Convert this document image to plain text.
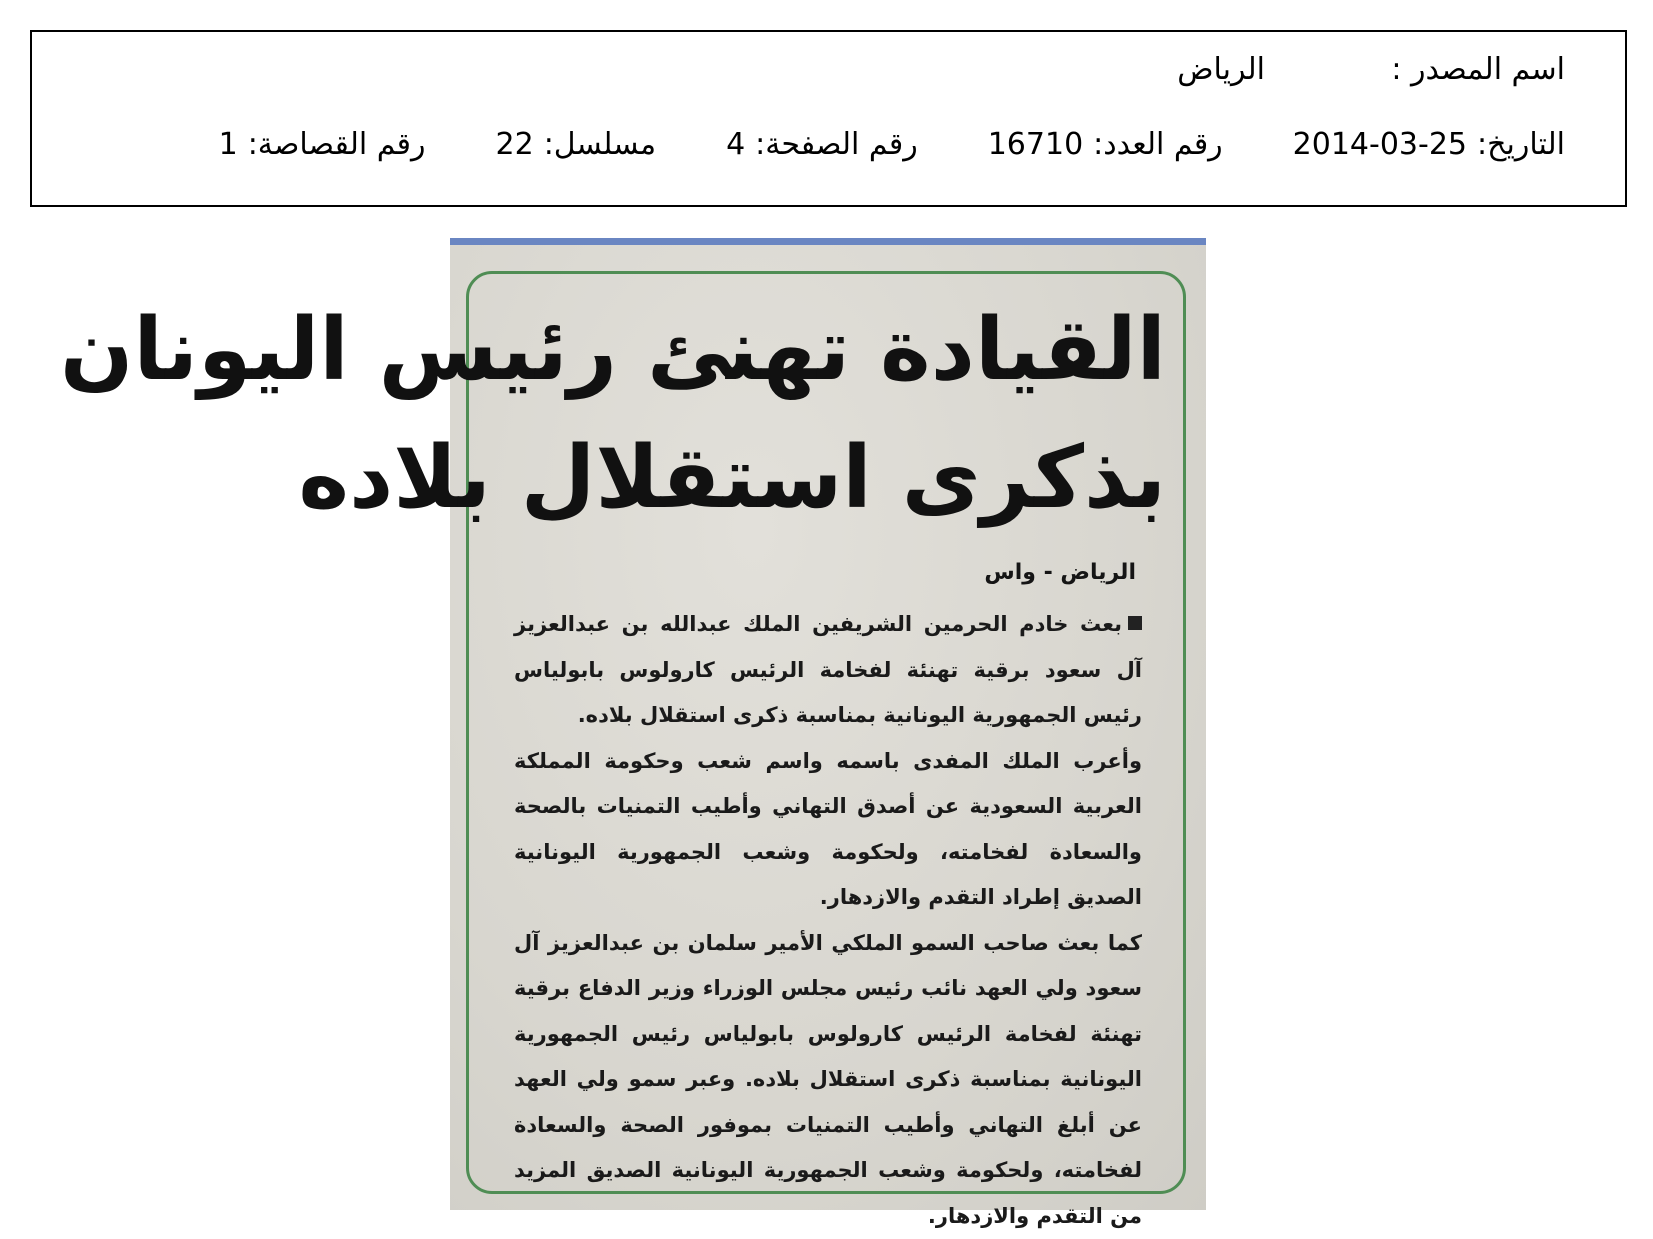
اسم المصدر :
الرياض
التاريخ:
2014-03-25
رقم العدد:
16710
رقم الصفحة:
4
مسلسل:
22
رقم القصاصة:
1
القيادة تهنئ رئيس اليونان
بذكرى استقلال بلاده
الرياض - واس

بعث خادم الحرمين الشريفين الملك عبدالله بن عبدالعزيز آل سعود برقية تهنئة لفخامة الرئيس كارولوس بابولياس رئيس الجمهورية اليونانية بمناسبة ذكرى استقلال بلاده.

وأعرب الملك المفدى باسمه واسم شعب وحكومة المملكة العربية السعودية عن أصدق التهاني وأطيب التمنيات بالصحة والسعادة لفخامته، ولحكومة وشعب الجمهورية اليونانية الصديق إطراد التقدم والازدهار.

كما بعث صاحب السمو الملكي الأمير سلمان بن عبدالعزيز آل سعود ولي العهد نائب رئيس مجلس الوزراء وزير الدفاع برقية تهنئة لفخامة الرئيس كارولوس بابولياس رئيس الجمهورية اليونانية بمناسبة ذكرى استقلال بلاده. وعبر سمو ولي العهد عن أبلغ التهاني وأطيب التمنيات بموفور الصحة والسعادة لفخامته، ولحكومة وشعب الجمهورية اليونانية الصديق المزيد من التقدم والازدهار.
